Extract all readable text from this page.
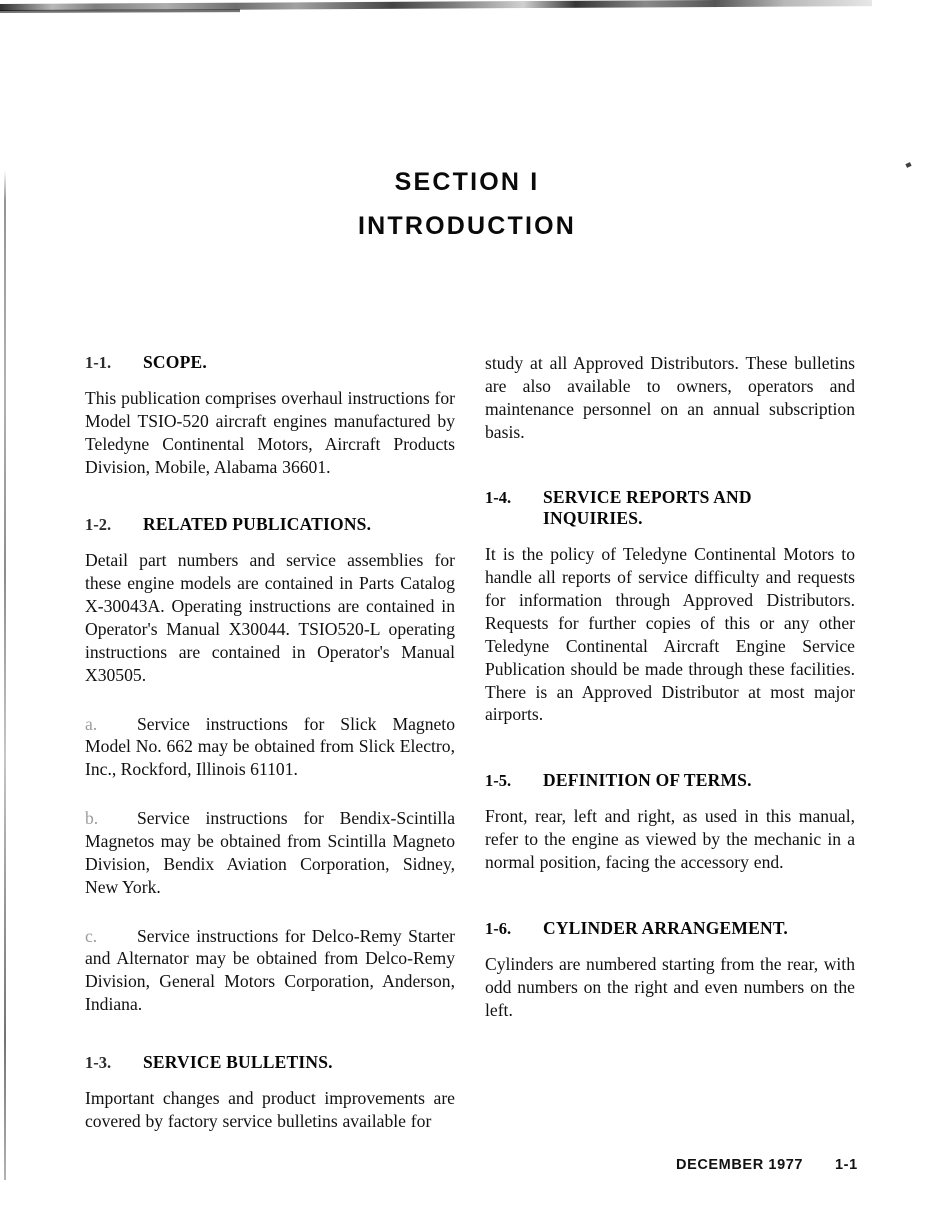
SECTION I
INTRODUCTION
1-1.	SCOPE.

This publication comprises overhaul instructions for Model TSIO-520 aircraft engines manufactured by Teledyne Continental Motors, Aircraft Products Division, Mobile, Alabama 36601.

1-2.	RELATED PUBLICATIONS.

Detail part numbers and service assemblies for these engine models are contained in Parts Catalog X-30043A. Operating instructions are contained in Operator's Manual X30044. TSIO520-L operating instructions are contained in Operator's Manual X30505.

a. Service instructions for Slick Magneto Model No. 662 may be obtained from Slick Electro, Inc., Rockford, Illinois 61101.

b. Service instructions for Bendix-Scintilla Magnetos may be obtained from Scintilla Magneto Division, Bendix Aviation Corporation, Sidney, New York.

c. Service instructions for Delco-Remy Starter and Alternator may be obtained from Delco-Remy Division, General Motors Corporation, Anderson, Indiana.

1-3.	SERVICE BULLETINS.

Important changes and product improvements are covered by factory service bulletins available for

study at all Approved Distributors. These bulletins are also available to owners, operators and maintenance personnel on an annual subscription basis.

1-4.	SERVICE REPORTS AND INQUIRIES.

It is the policy of Teledyne Continental Motors to handle all reports of service difficulty and requests for information through Approved Distributors. Requests for further copies of this or any other Teledyne Continental Aircraft Engine Service Publication should be made through these facilities. There is an Approved Distributor at most major airports.

1-5.	DEFINITION OF TERMS.

Front, rear, left and right, as used in this manual, refer to the engine as viewed by the mechanic in a normal position, facing the accessory end.

1-6.	CYLINDER ARRANGEMENT.

Cylinders are numbered starting from the rear, with odd numbers on the right and even numbers on the left.

DECEMBER 1977 1-1
